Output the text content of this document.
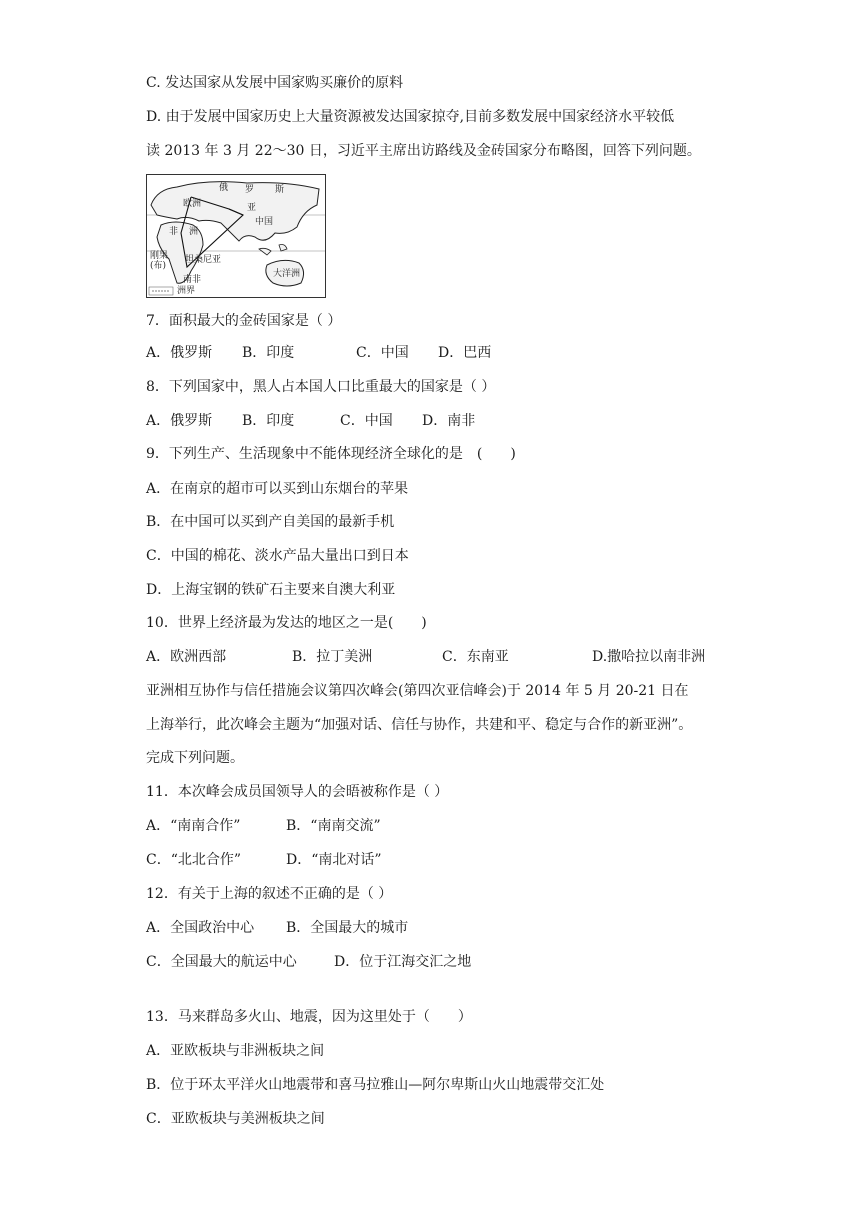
C. 发达国家从发展中国家购买廉价的原料
D. 由于发展中国家历史上大量资源被发达国家掠夺,目前多数发展中国家经济水平较低
读 2013 年 3 月 22～30 日，习近平主席出访路线及金砖国家分布略图，回答下列问题。
俄 罗 斯
欧洲	亚
中国
非 洲
刚果
(布)
坦桑尼亚
南非
大洋洲
洲界
7．面积最大的金砖国家是（ ）
A．俄罗斯 B．印度	C．中国 D．巴西
8．下列国家中，黑人占本国人口比重最大的国家是（ ）
A．俄罗斯 B．印度	C．中国 D．南非
9．下列生产、生活现象中不能体现经济全球化的是　(　　)
A．在南京的超市可以买到山东烟台的苹果
B．在中国可以买到产自美国的最新手机
C．中国的棉花、淡水产品大量出口到日本
D．上海宝钢的铁矿石主要来自澳大利亚
10．世界上经济最为发达的地区之一是(　　)
A．欧洲西部	B．拉丁美洲	C．东南亚	D.撒哈拉以南非洲
亚洲相互协作与信任措施会议第四次峰会(第四次亚信峰会)于 2014 年 5 月 20-21 日在
上海举行，此次峰会主题为“加强对话、信任与协作，共建和平、稳定与合作的新亚洲”。
完成下列问题。
11．本次峰会成员国领导人的会晤被称作是（ ）
A．“南南合作”	B．“南南交流”
C．“北北合作”	D．“南北对话”
12．有关于上海的叙述不正确的是（ ）
A．全国政治中心 B．全国最大的城市
C．全国最大的航运中心	D．位于江海交汇之地
13．马来群岛多火山、地震，因为这里处于（　　）
A．亚欧板块与非洲板块之间
B．位于环太平洋火山地震带和喜马拉雅山—阿尔卑斯山火山地震带交汇处
C．亚欧板块与美洲板块之间
